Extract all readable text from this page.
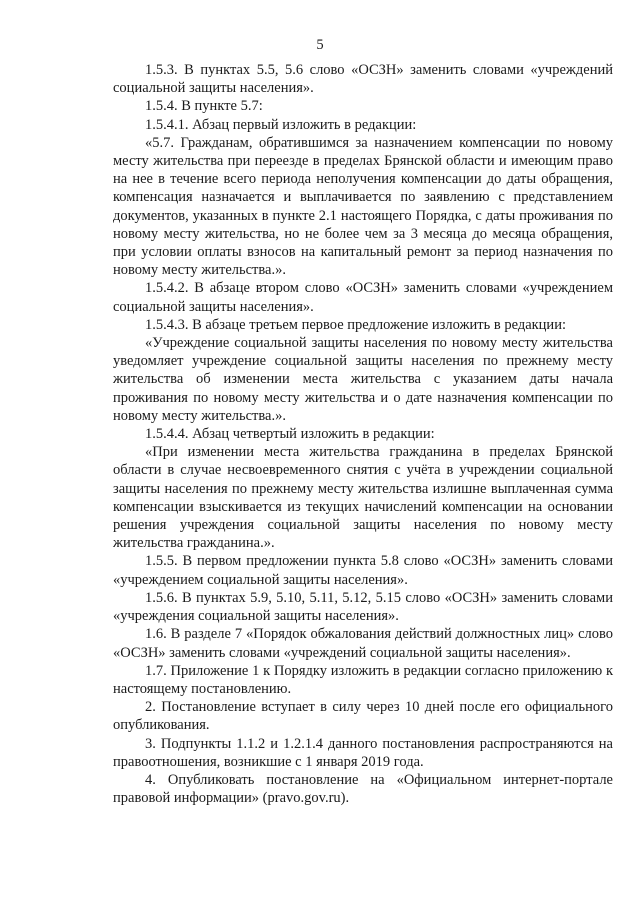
5

1.5.3. В пунктах 5.5, 5.6 слово «ОСЗН» заменить словами «учреждений социальной защиты населения».

1.5.4. В пункте 5.7:

1.5.4.1. Абзац первый изложить в редакции:

«5.7. Гражданам, обратившимся за назначением компенсации по новому месту жительства при переезде в пределах Брянской области и имеющим право на нее в течение всего периода неполучения компенсации до даты обращения, компенсация назначается и выплачивается по заявлению с представлением документов, указанных в пункте 2.1 настоящего Порядка, с даты проживания по новому месту жительства, но не более чем за 3 месяца до месяца обращения, при условии оплаты взносов на капитальный ремонт за период назначения по новому месту жительства.».

1.5.4.2. В абзаце втором слово «ОСЗН» заменить словами «учреждением социальной защиты населения».

1.5.4.3. В абзаце третьем первое предложение изложить в редакции:

«Учреждение социальной защиты населения по новому месту жительства уведомляет учреждение социальной защиты населения по прежнему месту жительства об изменении места жительства с указанием даты начала проживания по новому месту жительства и о дате назначения компенсации по новому месту жительства.».

1.5.4.4. Абзац четвертый изложить в редакции:

«При изменении места жительства гражданина в пределах Брянской области в случае несвоевременного снятия с учёта в учреждении социальной защиты населения по прежнему месту жительства излишне выплаченная сумма компенсации взыскивается из текущих начислений компенсации на основании решения учреждения социальной защиты населения по новому месту жительства гражданина.».

1.5.5. В первом предложении пункта 5.8 слово «ОСЗН» заменить словами «учреждением социальной защиты населения».

1.5.6. В пунктах 5.9, 5.10, 5.11, 5.12, 5.15 слово «ОСЗН» заменить словами «учреждения социальной защиты населения».

1.6. В разделе 7 «Порядок обжалования действий должностных лиц» слово «ОСЗН» заменить словами «учреждений социальной защиты населения».

1.7. Приложение 1 к Порядку изложить в редакции согласно приложению к настоящему постановлению.

2. Постановление вступает в силу через 10 дней после его официального опубликования.

3. Подпункты 1.1.2 и 1.2.1.4 данного постановления распространяются на правоотношения, возникшие с 1 января 2019 года.

4. Опубликовать постановление на «Официальном интернет-портале правовой информации» (pravo.gov.ru).
